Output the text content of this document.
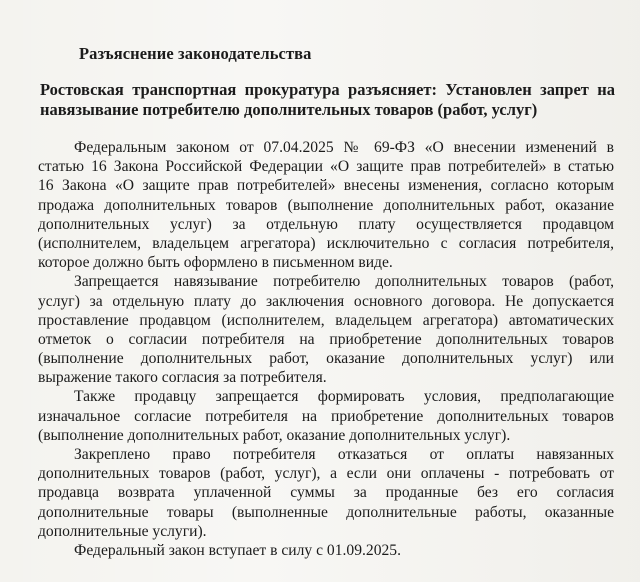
Разъяснение законодательства
Ростовская транспортная прокуратура разъясняет: Установлен запрет на
навязывание потребителю дополнительных товаров (работ, услуг)
Федеральным законом от 07.04.2025 № 69-ФЗ «О внесении изменений в
статью 16 Закона Российской Федерации «О защите прав потребителей» в статью
16 Закона «О защите прав потребителей» внесены изменения, согласно которым
продажа дополнительных товаров (выполнение дополнительных работ, оказание
дополнительных услуг) за отдельную плату осуществляется продавцом
(исполнителем, владельцем агрегатора) исключительно с согласия потребителя,
которое должно быть оформлено в письменном виде.
Запрещается навязывание потребителю дополнительных товаров (работ,
услуг) за отдельную плату до заключения основного договора. Не допускается
проставление продавцом (исполнителем, владельцем агрегатора) автоматических
отметок о согласии потребителя на приобретение дополнительных товаров
(выполнение дополнительных работ, оказание дополнительных услуг) или
выражение такого согласия за потребителя.
Также продавцу запрещается формировать условия, предполагающие
изначальное согласие потребителя на приобретение дополнительных товаров
(выполнение дополнительных работ, оказание дополнительных услуг).
Закреплено право потребителя отказаться от оплаты навязанных
дополнительных товаров (работ, услуг), а если они оплачены - потребовать от
продавца возврата уплаченной суммы за проданные без его согласия
дополнительные товары (выполненные дополнительные работы, оказанные
дополнительные услуги).
Федеральный закон вступает в силу с 01.09.2025.
